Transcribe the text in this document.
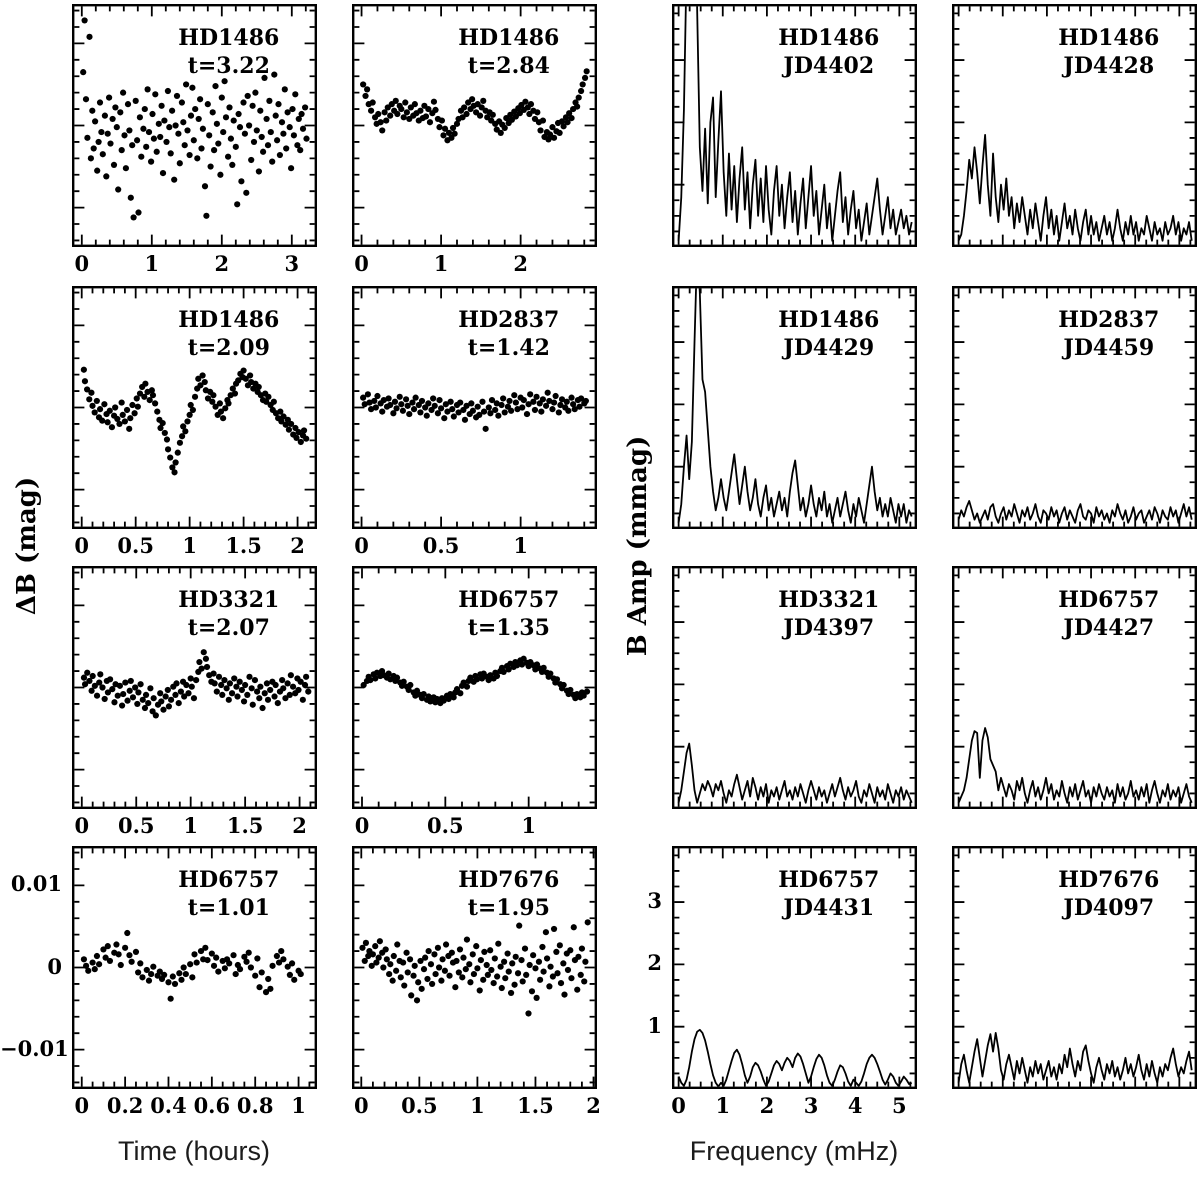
Time (hours)	Frequency (mHz)
ΔB (mag)	B Amp (mmag)
HD1486
t=3.22
0	1	2	3
HD1486
t=2.84
0	1	2
HD1486
t=2.09
0 0.5 1 1.5 2
HD2837
t=1.42
0	0.5	1
HD3321
t=2.07
0 0.5 1 1.5 2
HD6757
t=1.35
0	0.5	1
HD6757
t=1.01
0 0.2 0.4 0.6 0.8 1
0.01
0
−0.01
HD7676
t=1.95
0 0.5 1 1.5 2
HD1486
JD4402
HD1486
JD4428
HD1486
JD4429
HD2837
JD4459
HD3321
JD4397
HD6757
JD4427
HD6757
JD4431
0 1 2 3 4 5
1
2
3
HD7676
JD4097
